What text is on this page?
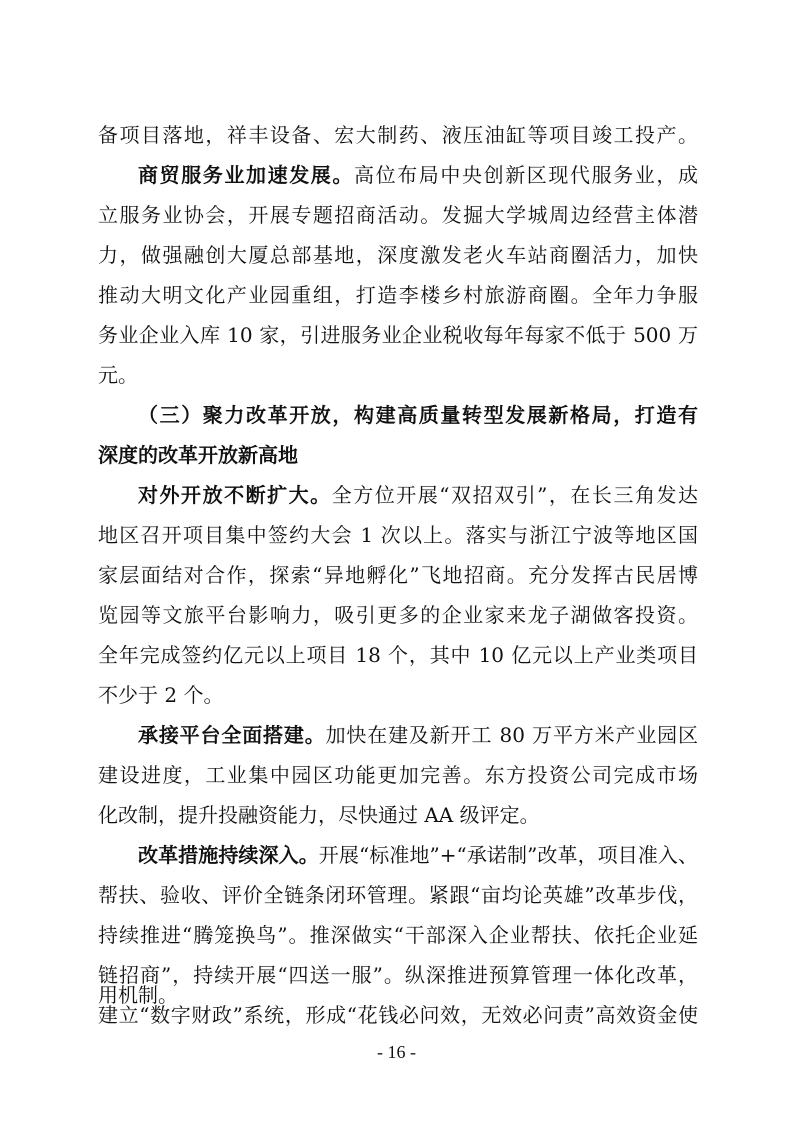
备项目落地，祥丰设备、宏大制药、液压油缸等项目竣工投产。
商贸服务业加速发展。高位布局中央创新区现代服务业，成
立服务业协会，开展专题招商活动。发掘大学城周边经营主体潜
力，做强融创大厦总部基地，深度激发老火车站商圈活力，加快
推动大明文化产业园重组，打造李楼乡村旅游商圈。全年力争服
务业企业入库 10 家，引进服务业企业税收每年每家不低于 500 万
元。
（三）聚力改革开放，构建高质量转型发展新格局，打造有
深度的改革开放新高地
对外开放不断扩大。全方位开展“双招双引”，在长三角发达
地区召开项目集中签约大会 1 次以上。落实与浙江宁波等地区国
家层面结对合作，探索“异地孵化”飞地招商。充分发挥古民居博
览园等文旅平台影响力，吸引更多的企业家来龙子湖做客投资。
全年完成签约亿元以上项目 18 个，其中 10 亿元以上产业类项目
不少于 2 个。
承接平台全面搭建。加快在建及新开工 80 万平方米产业园区
建设进度，工业集中园区功能更加完善。东方投资公司完成市场
化改制，提升投融资能力，尽快通过 AA 级评定。
改革措施持续深入。开展“标准地”+“承诺制”改革，项目准入、
帮扶、验收、评价全链条闭环管理。紧跟“亩均论英雄”改革步伐，
持续推进“腾笼换鸟”。推深做实“干部深入企业帮扶、依托企业延
链招商”，持续开展“四送一服”。纵深推进预算管理一体化改革，
建立“数字财政”系统，形成“花钱必问效，无效必问责”高效资金使
用机制。
- 16 -
